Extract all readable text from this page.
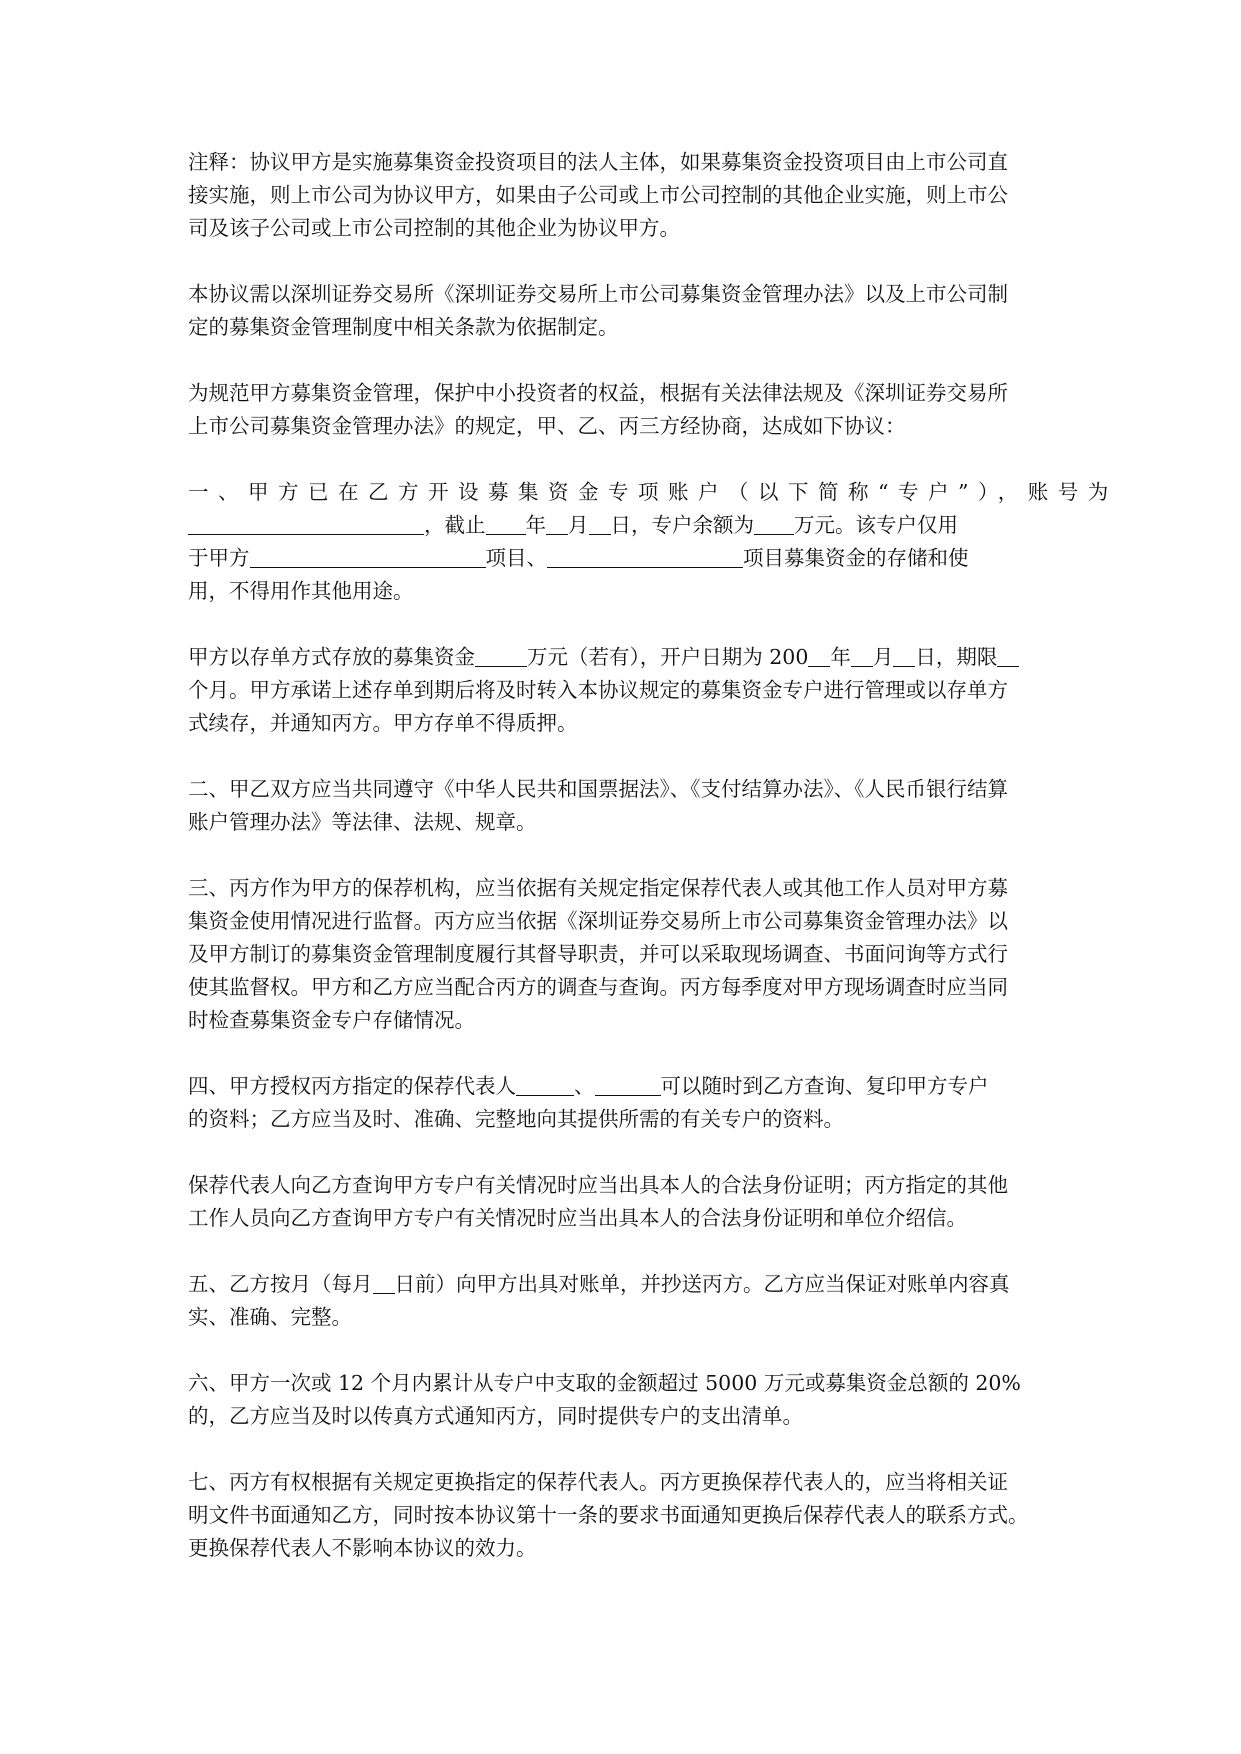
注释：协议甲方是实施募集资金投资项目的法人主体，如果募集资金投资项目由上市公司直
接实施，则上市公司为协议甲方，如果由子公司或上市公司控制的其他企业实施，则上市公
司及该子公司或上市公司控制的其他企业为协议甲方。
本协议需以深圳证券交易所《深圳证券交易所上市公司募集资金管理办法》以及上市公司制
定的募集资金管理制度中相关条款为依据制定。
为规范甲方募集资金管理，保护中小投资者的权益，根据有关法律法规及《深圳证券交易所
上市公司募集资金管理办法》的规定，甲、乙、丙三方经协商，达成如下协议：
一、甲方已在乙方开设募集资金专项账户（以下简称“专户”），账号为
，截止 年 月 日，专户余额为 万元。该专户仅用
于甲方	项目、	项目募集资金的存储和使
用，不得用作其他用途。
甲方以存单方式存放的募集资金	万元（若有），开户日期为 200 年 月 日，期限
个月。甲方承诺上述存单到期后将及时转入本协议规定的募集资金专户进行管理或以存单方
式续存，并通知丙方。甲方存单不得质押。
二、甲乙双方应当共同遵守《中华人民共和国票据法》、《支付结算办法》、《人民币银行结算
账户管理办法》等法律、法规、规章。
三、丙方作为甲方的保荐机构，应当依据有关规定指定保荐代表人或其他工作人员对甲方募
集资金使用情况进行监督。丙方应当依据《深圳证券交易所上市公司募集资金管理办法》以
及甲方制订的募集资金管理制度履行其督导职责，并可以采取现场调查、书面问询等方式行
使其监督权。甲方和乙方应当配合丙方的调查与查询。丙方每季度对甲方现场调查时应当同
时检查募集资金专户存储情况。
四、甲方授权丙方指定的保荐代表人	、	可以随时到乙方查询、复印甲方专户
的资料；乙方应当及时、准确、完整地向其提供所需的有关专户的资料。
保荐代表人向乙方查询甲方专户有关情况时应当出具本人的合法身份证明；丙方指定的其他
工作人员向乙方查询甲方专户有关情况时应当出具本人的合法身份证明和单位介绍信。
五、乙方按月（每月 日前）向甲方出具对账单，并抄送丙方。乙方应当保证对账单内容真
实、准确、完整。
六、甲方一次或 12 个月内累计从专户中支取的金额超过 5000 万元或募集资金总额的 20%
的，乙方应当及时以传真方式通知丙方，同时提供专户的支出清单。
七、丙方有权根据有关规定更换指定的保荐代表人。丙方更换保荐代表人的，应当将相关证
明文件书面通知乙方，同时按本协议第十一条的要求书面通知更换后保荐代表人的联系方式。
更换保荐代表人不影响本协议的效力。
